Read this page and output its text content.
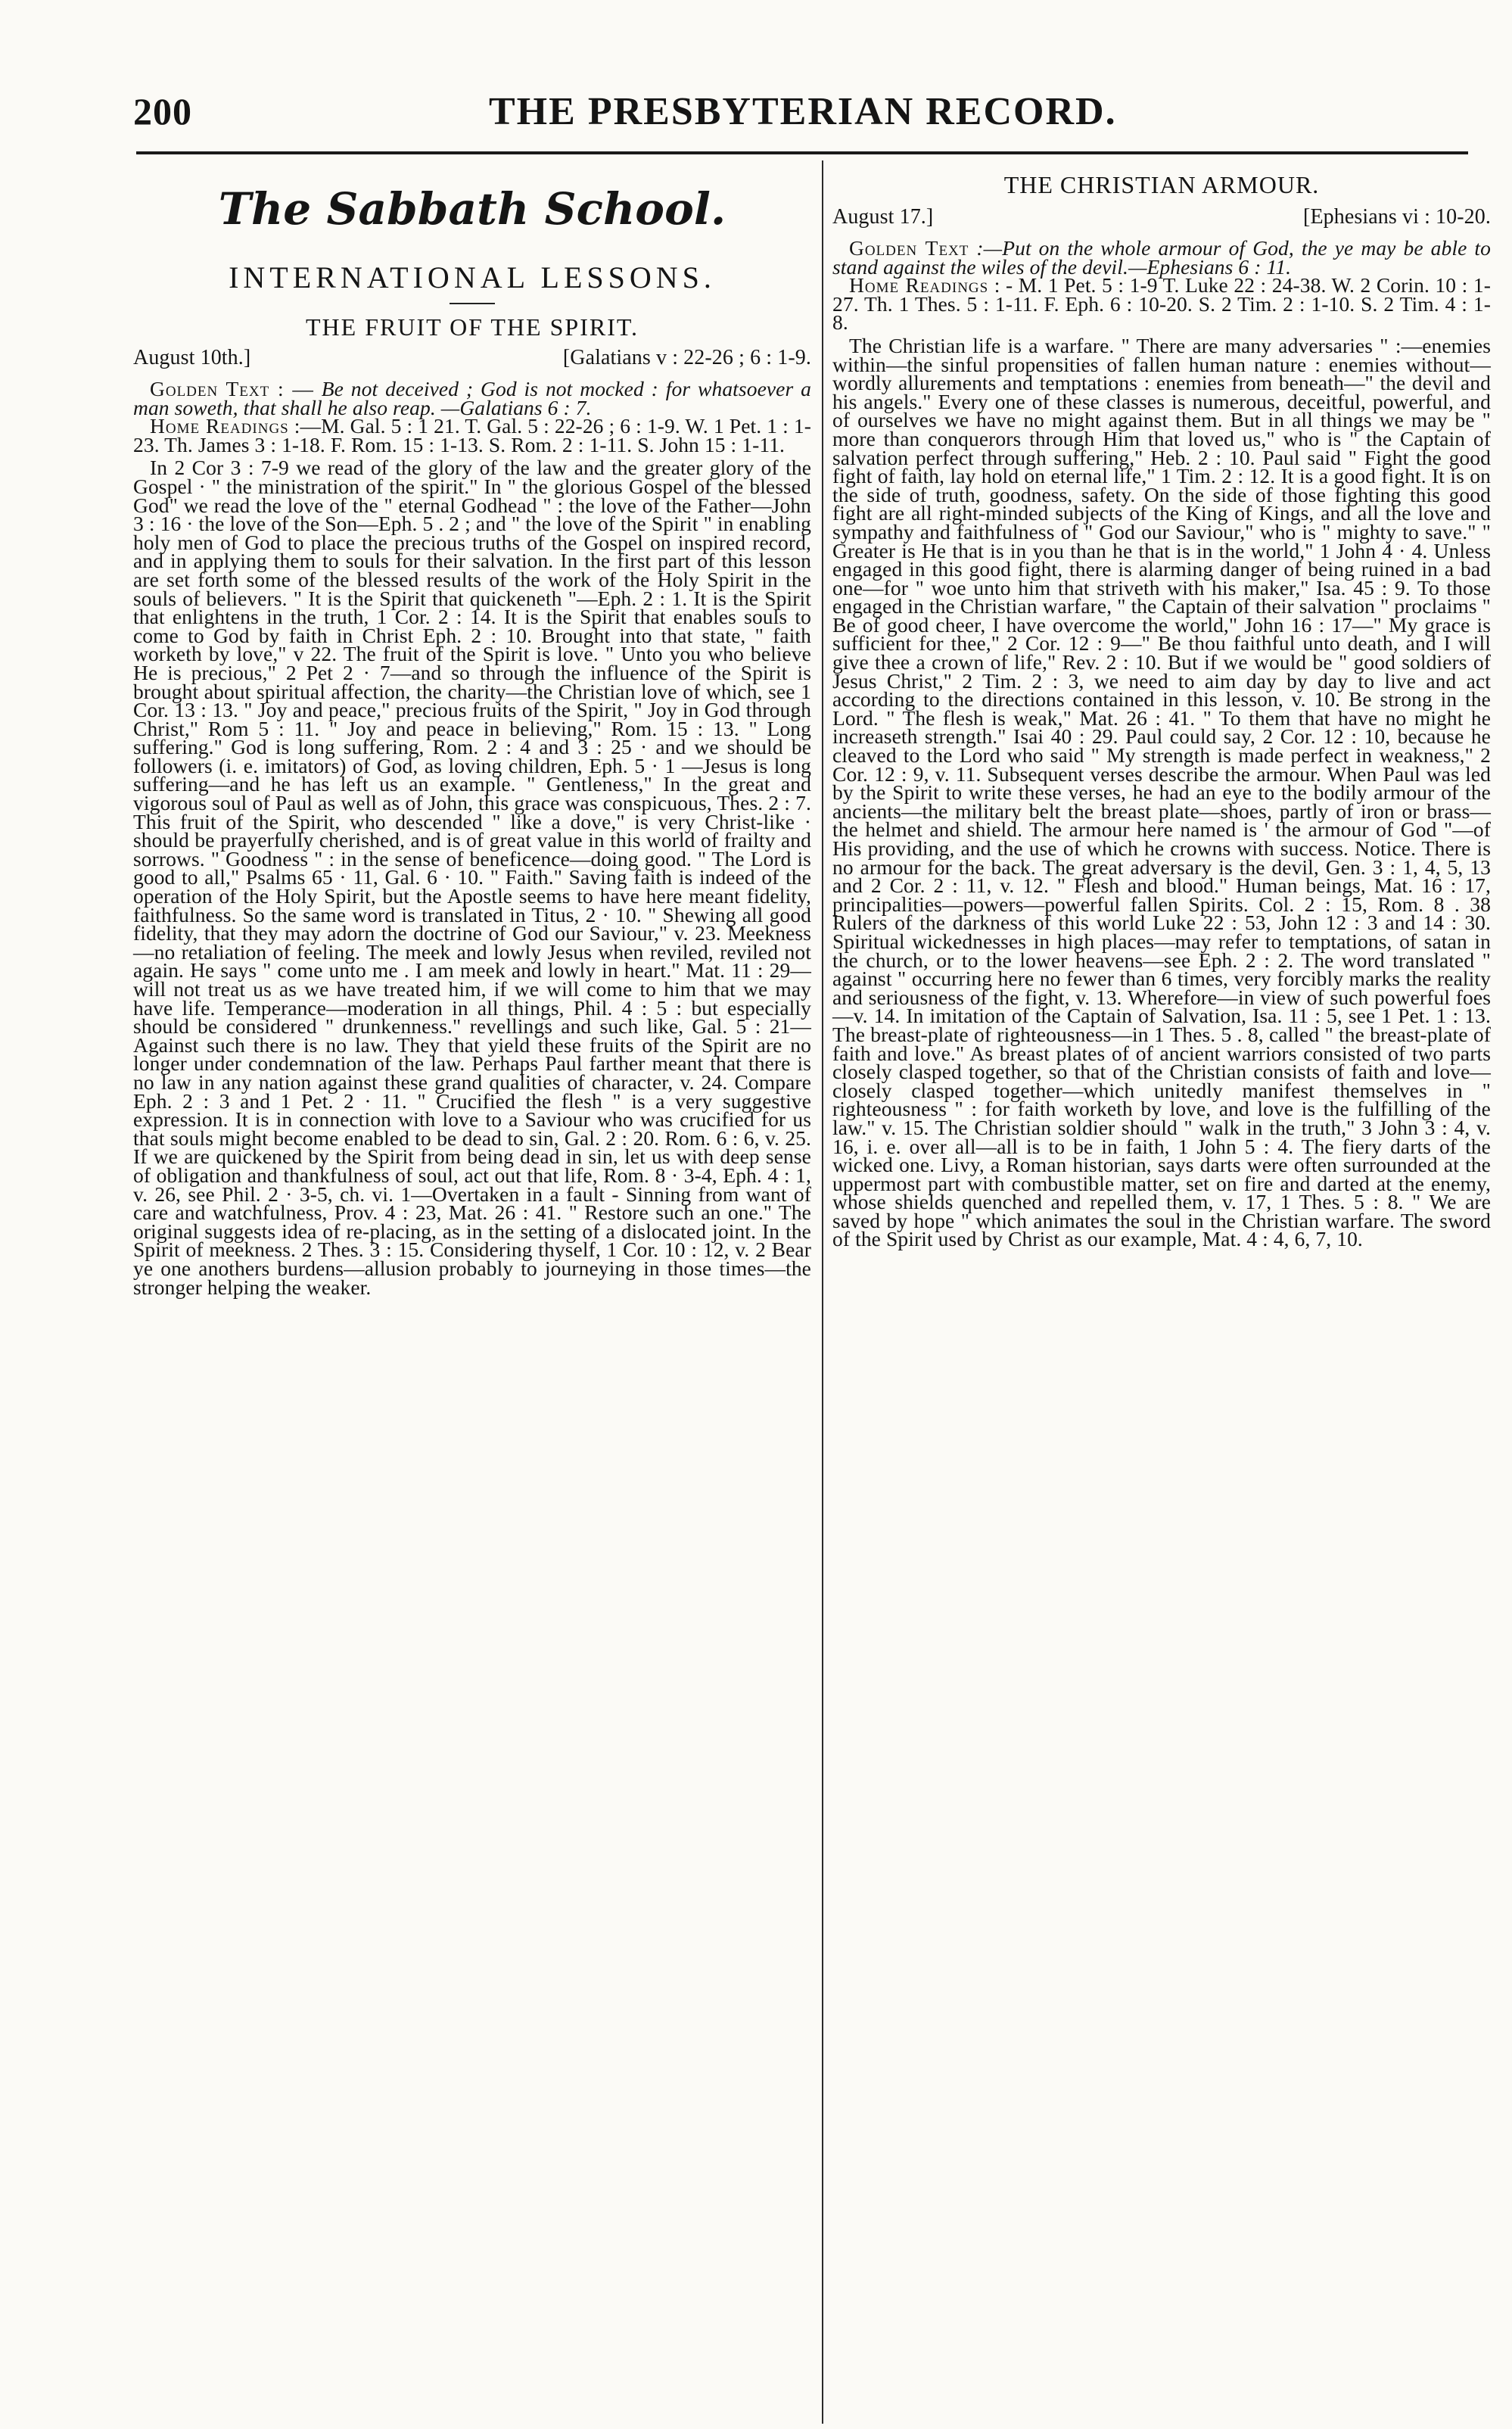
200	THE PRESBYTERIAN RECORD.
The Sabbath School.
INTERNATIONAL LESSONS.
THE FRUIT OF THE SPIRIT.
August 10th.]	[Galatians v : 22-26 ; 6 : 1-9.

Golden Text : — Be not deceived ; God is not mocked : for whatsoever a man soweth, that shall he also reap. —Galatians 6 : 7.

Home Readings :—M. Gal. 5 : 1 21. T. Gal. 5 : 22-26 ; 6 : 1-9. W. 1 Pet. 1 : 1-23. Th. James 3 : 1-18. F. Rom. 15 : 1-13. S. Rom. 2 : 1-11. S. John 15 : 1-11.

In 2 Cor 3 : 7-9 we read of the glory of the law and the greater glory of the Gospel · " the ministration of the spirit." In " the glorious Gospel of the blessed God" we read the love of the " eternal Godhead " : the love of the Father—John 3 : 16 · the love of the Son—Eph. 5 . 2 ; and " the love of the Spirit " in enabling holy men of God to place the precious truths of the Gospel on inspired record, and in applying them to souls for their salvation. In the first part of this lesson are set forth some of the blessed results of the work of the Holy Spirit in the souls of believers. " It is the Spirit that quickeneth "—Eph. 2 : 1. It is the Spirit that enlightens in the truth, 1 Cor. 2 : 14. It is the Spirit that enables souls to come to God by faith in Christ Eph. 2 : 10. Brought into that state, " faith worketh by love," v 22. The fruit of the Spirit is love. " Unto you who believe He is precious," 2 Pet 2 · 7—and so through the influence of the Spirit is brought about spiritual affection, the charity—the Christian love of which, see 1 Cor. 13 : 13. " Joy and peace," precious fruits of the Spirit, " Joy in God through Christ," Rom 5 : 11. " Joy and peace in believing," Rom. 15 : 13. " Long suffering." God is long suffering, Rom. 2 : 4 and 3 : 25 · and we should be followers (i. e. imitators) of God, as loving children, Eph. 5 · 1 —Jesus is long suffering—and he has left us an example. " Gentleness," In the great and vigorous soul of Paul as well as of John, this grace was conspicuous, Thes. 2 : 7. This fruit of the Spirit, who descended " like a dove," is very Christ-like · should be prayerfully cherished, and is of great value in this world of frailty and sorrows. " Goodness " : in the sense of beneficence—doing good. " The Lord is good to all," Psalms 65 · 11, Gal. 6 · 10. " Faith." Saving faith is indeed of the operation of the Holy Spirit, but the Apostle seems to have here meant fidelity, faithfulness. So the same word is translated in Titus, 2 · 10. " Shewing all good fidelity, that they may adorn the doctrine of God our Saviour," v. 23. Meekness—no retaliation of feeling. The meek and lowly Jesus when reviled, reviled not again. He says " come unto me . I am meek and lowly in heart." Mat. 11 : 29—will not treat us as we have treated him, if we will come to him that we may have life. Temperance—moderation in all things, Phil. 4 : 5 : but especially should be considered " drunkenness." revellings and such like, Gal. 5 : 21—Against such there is no law. They that yield these fruits of the Spirit are no longer under condemnation of the law. Perhaps Paul farther meant that there is no law in any nation against these grand qualities of character, v. 24. Compare Eph. 2 : 3 and 1 Pet. 2 · 11. " Crucified the flesh " is a very suggestive expression. It is in connection with love to a Saviour who was crucified for us that souls might become enabled to be dead to sin, Gal. 2 : 20. Rom. 6 : 6, v. 25. If we are quickened by the Spirit from being dead in sin, let us with deep sense of obligation and thankfulness of soul, act out that life, Rom. 8 · 3-4, Eph. 4 : 1, v. 26, see Phil. 2 · 3-5, ch. vi. 1—Overtaken in a fault - Sinning from want of care and watchfulness, Prov. 4 : 23, Mat. 26 : 41. " Restore such an one." The original suggests idea of re-placing, as in the setting of a dislocated joint. In the Spirit of meekness. 2 Thes. 3 : 15. Considering thyself, 1 Cor. 10 : 12, v. 2 Bear ye one anothers burdens—allusion probably to journeying in those times—the stronger helping the weaker.

THE CHRISTIAN ARMOUR.
August 17.]	[Ephesians vi : 10-20.

Golden Text :—Put on the whole armour of God, the ye may be able to stand against the wiles of the devil.—Ephesians 6 : 11.

Home Readings : - M. 1 Pet. 5 : 1-9 T. Luke 22 : 24-38. W. 2 Corin. 10 : 1-27. Th. 1 Thes. 5 : 1-11. F. Eph. 6 : 10-20. S. 2 Tim. 2 : 1-10. S. 2 Tim. 4 : 1-8.

The Christian life is a warfare. " There are many adversaries " :—enemies within—the sinful propensities of fallen human nature : enemies without—wordly allurements and temptations : enemies from beneath—" the devil and his angels." Every one of these classes is numerous, deceitful, powerful, and of ourselves we have no might against them. But in all things we may be " more than conquerors through Him that loved us," who is " the Captain of salvation perfect through suffering," Heb. 2 : 10. Paul said " Fight the good fight of faith, lay hold on eternal life," 1 Tim. 2 : 12. It is a good fight. It is on the side of truth, goodness, safety. On the side of those fighting this good fight are all right-minded subjects of the King of Kings, and all the love and sympathy and faithfulness of " God our Saviour," who is " mighty to save." " Greater is He that is in you than he that is in the world," 1 John 4 · 4. Unless engaged in this good fight, there is alarming danger of being ruined in a bad one—for " woe unto him that striveth with his maker," Isa. 45 : 9. To those engaged in the Christian warfare, " the Captain of their salvation " proclaims " Be of good cheer, I have overcome the world," John 16 : 17—" My grace is sufficient for thee," 2 Cor. 12 : 9—" Be thou faithful unto death, and I will give thee a crown of life," Rev. 2 : 10. But if we would be " good soldiers of Jesus Christ," 2 Tim. 2 : 3, we need to aim day by day to live and act according to the directions contained in this lesson, v. 10. Be strong in the Lord. " The flesh is weak," Mat. 26 : 41. " To them that have no might he increaseth strength." Isai 40 : 29. Paul could say, 2 Cor. 12 : 10, because he cleaved to the Lord who said " My strength is made perfect in weakness," 2 Cor. 12 : 9, v. 11. Subsequent verses describe the armour. When Paul was led by the Spirit to write these verses, he had an eye to the bodily armour of the ancients—the military belt the breast plate—shoes, partly of iron or brass—the helmet and shield. The armour here named is ' the armour of God "—of His providing, and the use of which he crowns with success. Notice. There is no armour for the back. The great adversary is the devil, Gen. 3 : 1, 4, 5, 13 and 2 Cor. 2 : 11, v. 12. " Flesh and blood." Human beings, Mat. 16 : 17, principalities—powers—powerful fallen Spirits. Col. 2 : 15, Rom. 8 . 38 Rulers of the darkness of this world Luke 22 : 53, John 12 : 3 and 14 : 30. Spiritual wickednesses in high places—may refer to temptations, of satan in the church, or to the lower heavens—see Eph. 2 : 2. The word translated " against " occurring here no fewer than 6 times, very forcibly marks the reality and seriousness of the fight, v. 13. Wherefore—in view of such powerful foes—v. 14. In imitation of the Captain of Salvation, Isa. 11 : 5, see 1 Pet. 1 : 13. The breast-plate of righteousness—in 1 Thes. 5 . 8, called " the breast-plate of faith and love." As breast plates of of ancient warriors consisted of two parts closely clasped together, so that of the Christian consists of faith and love—closely clasped together—which unitedly manifest themselves in " righteousness " : for faith worketh by love, and love is the fulfilling of the law." v. 15. The Christian soldier should " walk in the truth," 3 John 3 : 4, v. 16, i. e. over all—all is to be in faith, 1 John 5 : 4. The fiery darts of the wicked one. Livy, a Roman historian, says darts were often surrounded at the uppermost part with combustible matter, set on fire and darted at the enemy, whose shields quenched and repelled them, v. 17, 1 Thes. 5 : 8. " We are saved by hope " which animates the soul in the Christian warfare. The sword of the Spirit used by Christ as our example, Mat. 4 : 4, 6, 7, 10.
